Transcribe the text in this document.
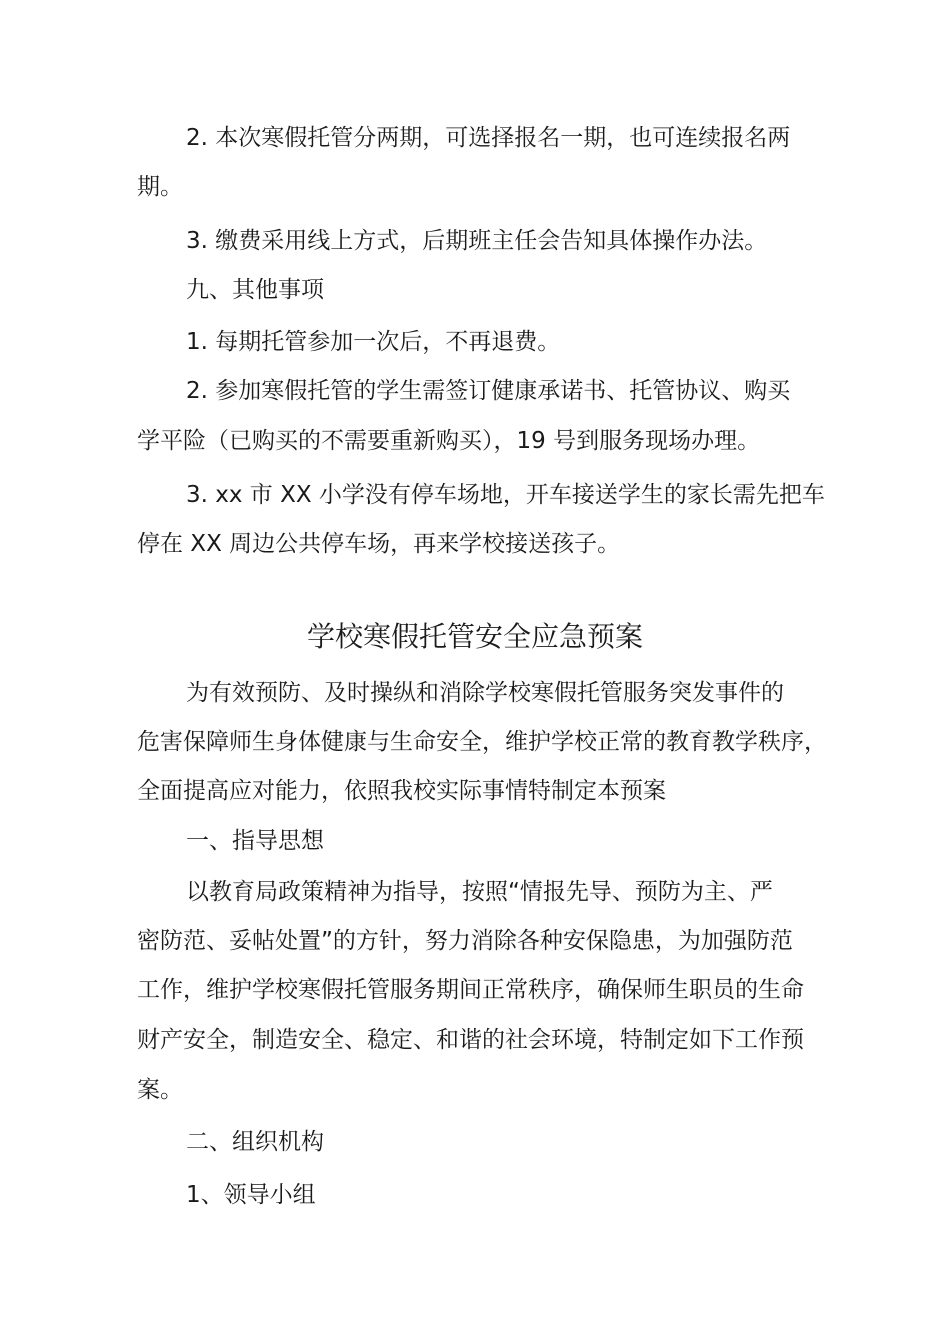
2. 本次寒假托管分两期，可选择报名一期，也可连续报名两
期。
3. 缴费采用线上方式，后期班主任会告知具体操作办法。
九、其他事项
1. 每期托管参加一次后，不再退费。
2. 参加寒假托管的学生需签订健康承诺书、托管协议、购买
学平险（已购买的不需要重新购买），19 号到服务现场办理。
3. xx 市 XX 小学没有停车场地，开车接送学生的家长需先把车
停在 XX 周边公共停车场，再来学校接送孩子。
学校寒假托管安全应急预案
为有效预防、及时操纵和消除学校寒假托管服务突发事件的
危害保障师生身体健康与生命安全，维护学校正常的教育教学秩序，
全面提高应对能力，依照我校实际事情特制定本预案
一、指导思想
以教育局政策精神为指导，按照“情报先导、预防为主、严
密防范、妥帖处置”的方针，努力消除各种安保隐患，为加强防范
工作，维护学校寒假托管服务期间正常秩序，确保师生职员的生命
财产安全，制造安全、稳定、和谐的社会环境，特制定如下工作预
案。
二、组织机构
1、领导小组
